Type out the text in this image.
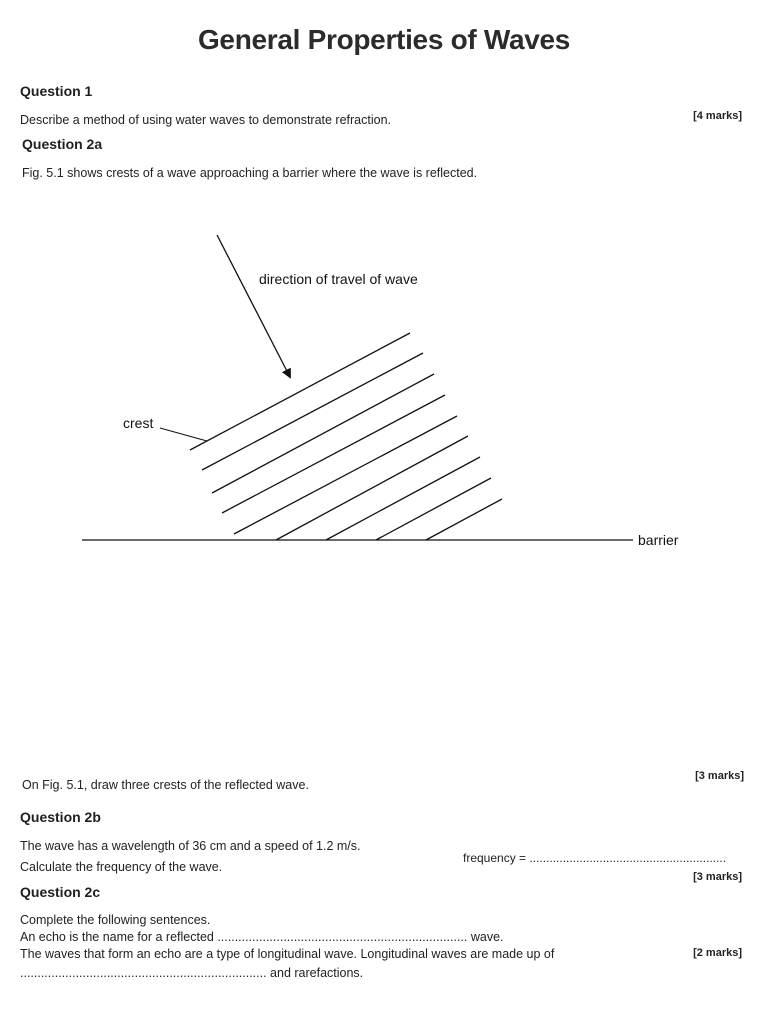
General Properties of Waves
Question 1
Describe a method of using water waves to demonstrate refraction.	[4 marks]
Question 2a
Fig. 5.1 shows crests of a wave approaching a barrier where the wave is reflected.
direction of travel of wave
crest
barrier
On Fig. 5.1, draw three crests of the reflected wave.
[3 marks]
Question 2b
The wave has a wavelength of 36 cm and a speed of 1.2 m/s.
frequency = ...........................................................
Calculate the frequency of the wave.
[3 marks]
Question 2c
Complete the following sentences.
An echo is the name for a reflected ........................................................................ wave.
The waves that form an echo are a type of longitudinal wave. Longitudinal waves are made up of	[2 marks]
....................................................................... and rarefactions.
